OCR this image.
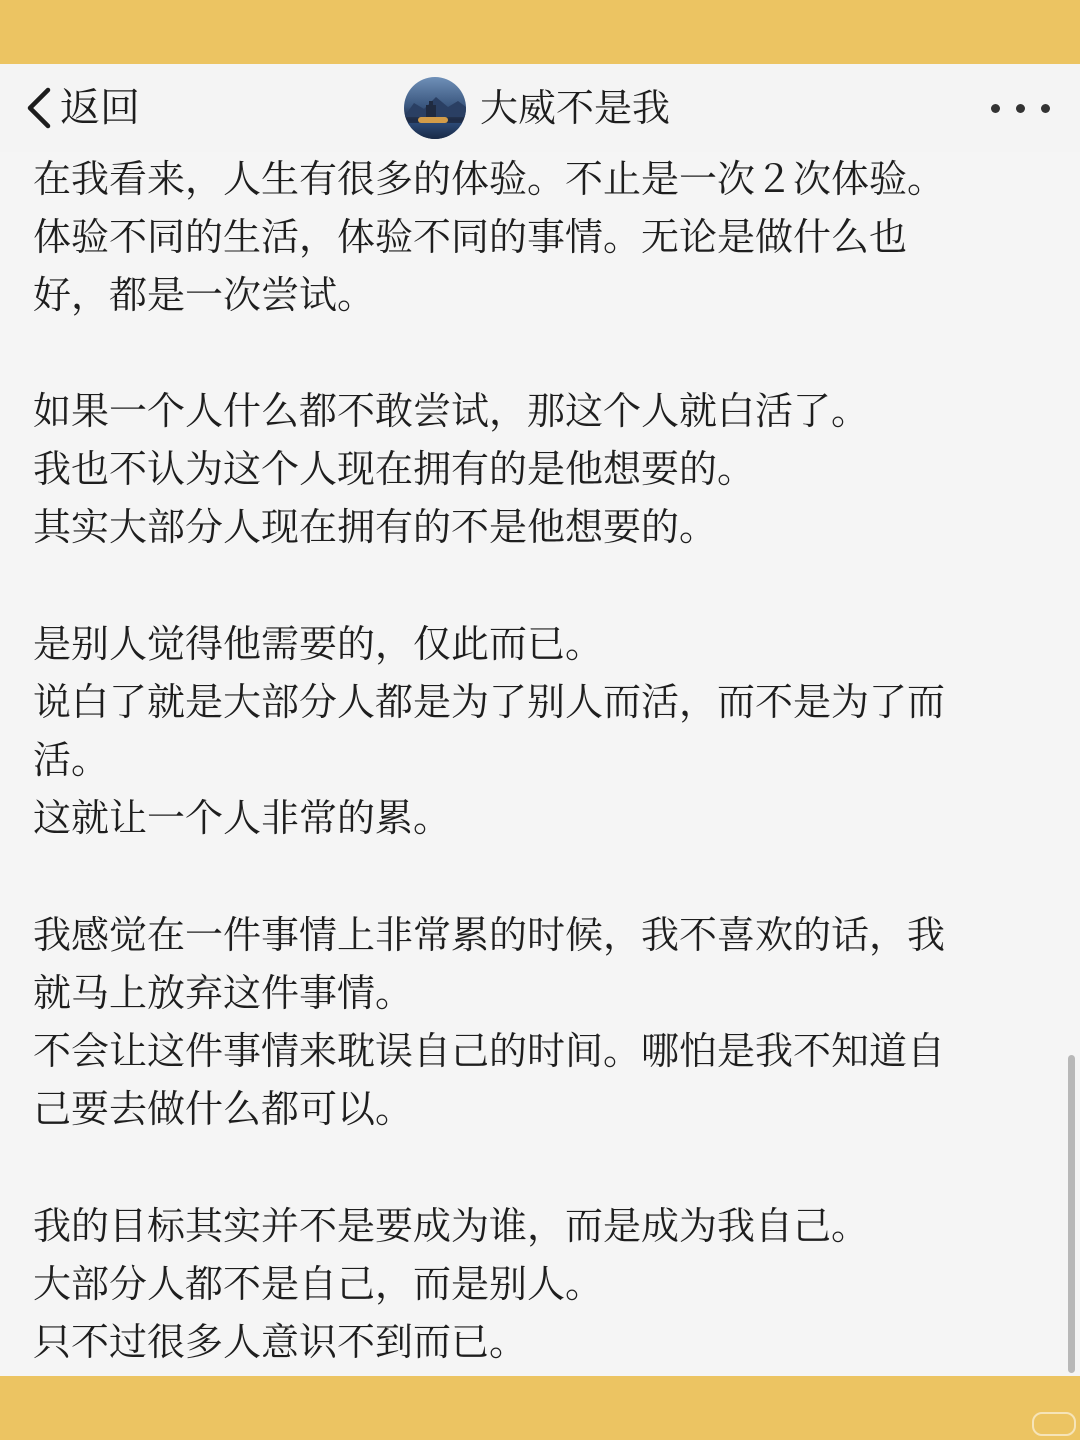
返回	大威不是我
在我看来，人生有很多的体验。不止是一次２次体验。
体验不同的生活，体验不同的事情。无论是做什么也
好，都是一次尝试。
如果一个人什么都不敢尝试，那这个人就白活了。
我也不认为这个人现在拥有的是他想要的。
其实大部分人现在拥有的不是他想要的。
是别人觉得他需要的，仅此而已。
说白了就是大部分人都是为了别人而活，而不是为了而
活。
这就让一个人非常的累。
我感觉在一件事情上非常累的时候，我不喜欢的话，我
就马上放弃这件事情。
不会让这件事情来耽误自己的时间。哪怕是我不知道自
己要去做什么都可以。
我的目标其实并不是要成为谁，而是成为我自己。
大部分人都不是自己，而是别人。
只不过很多人意识不到而已。
